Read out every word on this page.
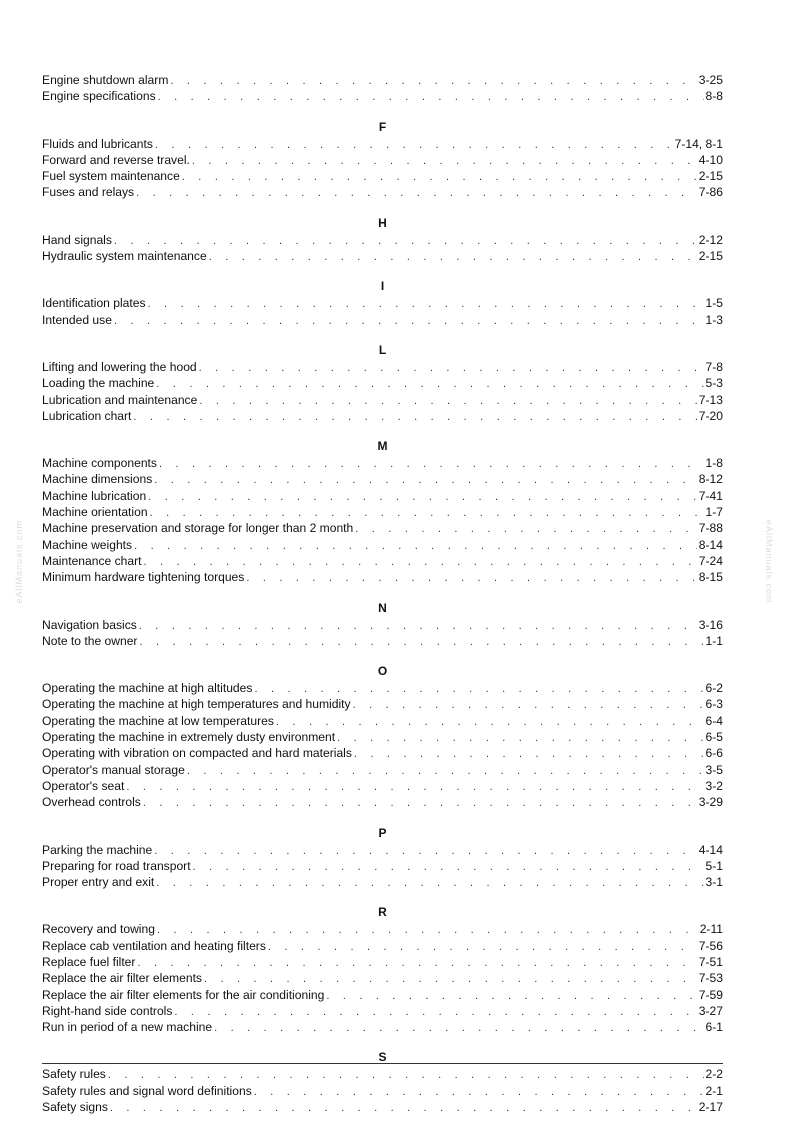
eAllManuals.com	eAllManuals.com
Engine shutdown alarm . . .	3-25
Engine specifications . . .	8-8
F
Fluids and lubricants . . .	7-14, 8-1
Forward and reverse travel. . . .	4-10
Fuel system maintenance . . .	2-15
Fuses and relays . . .	7-86
H
Hand signals . . .	2-12
Hydraulic system maintenance . . .	2-15
I
Identification plates . . .	1-5
Intended use . . .	1-3
L
Lifting and lowering the hood . . .	7-8
Loading the machine . . .	5-3
Lubrication and maintenance . . .	7-13
Lubrication chart . . .	7-20
M
Machine components . . .	1-8
Machine dimensions . . .	8-12
Machine lubrication . . .	7-41
Machine orientation . . .	1-7
Machine preservation and storage for longer than 2 month . . .	7-88
Machine weights . . .	8-14
Maintenance chart . . .	7-24
Minimum hardware tightening torques . . .	8-15
N
Navigation basics . . .	3-16
Note to the owner . . .	1-1
O
Operating the machine at high altitudes . . .	6-2
Operating the machine at high temperatures and humidity . . .	6-3
Operating the machine at low temperatures . . .	6-4
Operating the machine in extremely dusty environment . . .	6-5
Operating with vibration on compacted and hard materials . . .	6-6
Operator's manual storage . . .	3-5
Operator's seat . . .	3-2
Overhead controls . . .	3-29
P
Parking the machine . . .	4-14
Preparing for road transport . . .	5-1
Proper entry and exit . . .	3-1
R
Recovery and towing . . .	2-11
Replace cab ventilation and heating filters . . .	7-56
Replace fuel filter . . .	7-51
Replace the air filter elements . . .	7-53
Replace the air filter elements for the air conditioning . . .	7-59
Right-hand side controls . . .	3-27
Run in period of a new machine . . .	6-1
S
Safety rules . . .	2-2
Safety rules and signal word definitions . . .	2-1
Safety signs . . .	2-17
